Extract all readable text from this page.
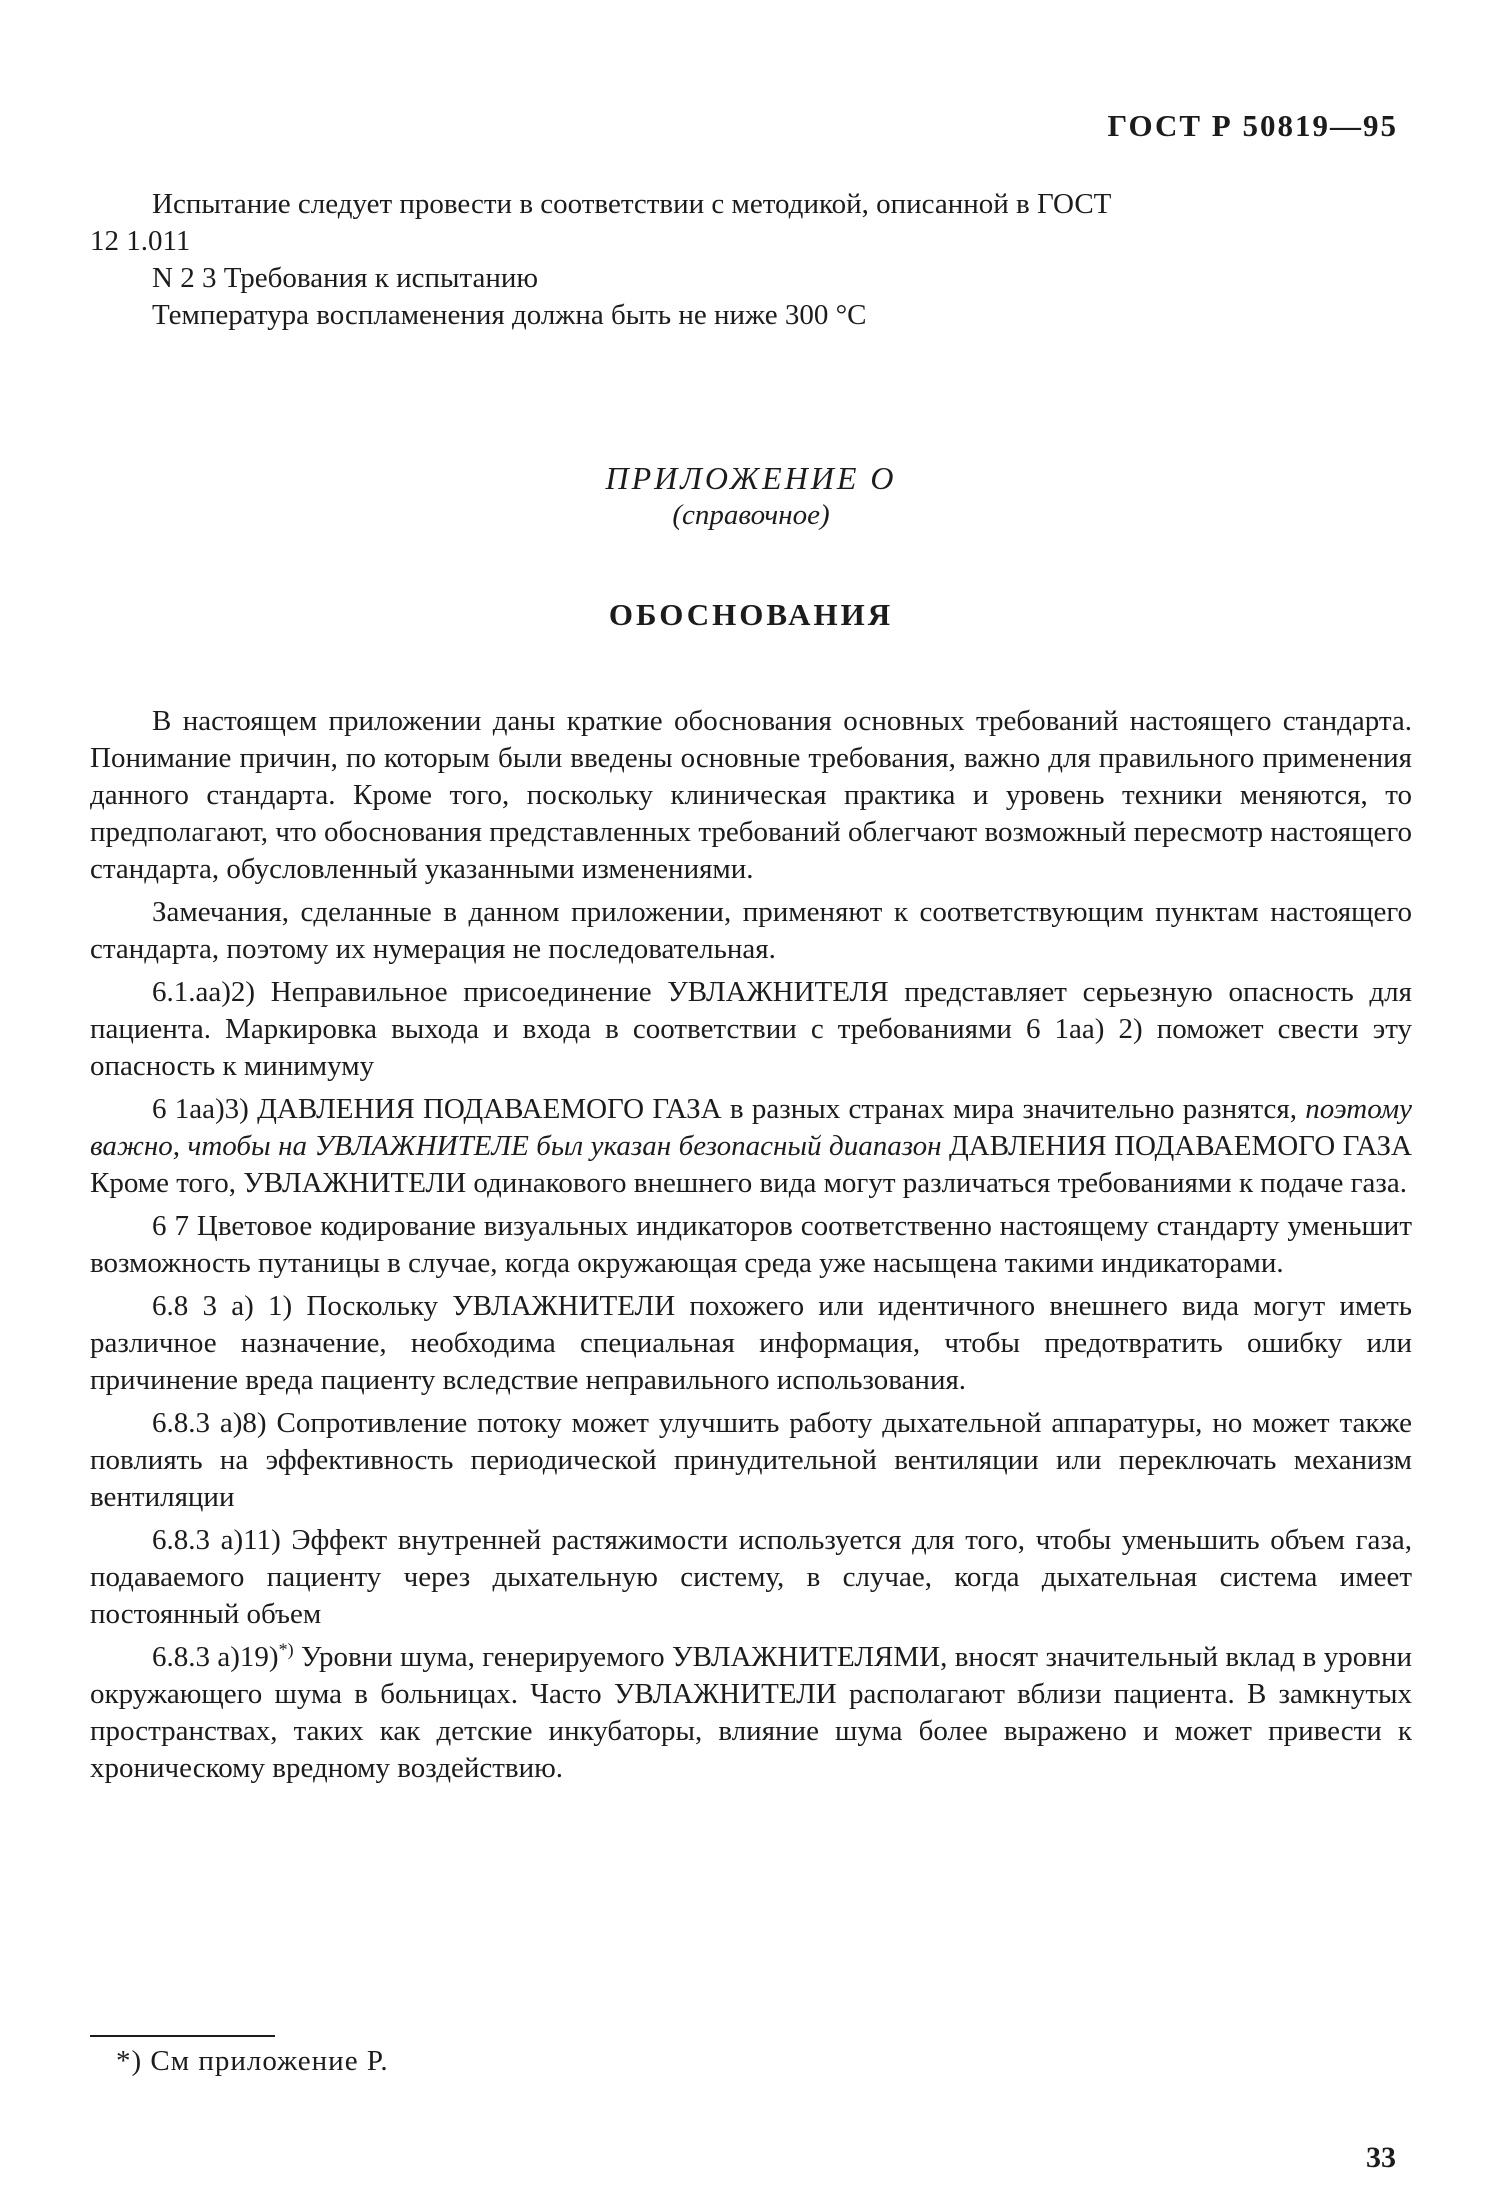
ГОСТ Р 50819—95

Испытание следует провести в соответствии с методикой, описанной в ГОСТ

12 1.011

N 2 3 Требования к испытанию

Температура воспламенения должна быть не ниже 300 °С

ПРИЛОЖЕНИЕ О

(справочное)

ОБОСНОВАНИЯ

В настоящем приложении даны краткие обоснования основных требований настоящего стандарта. Понимание причин, по которым были введены основные требования, важно для правильного применения данного стандарта. Кроме того, поскольку клиническая практика и уровень техники меняются, то предполагают, что обоснования представленных требований облегчают возможный пересмотр настоящего стандарта, обусловленный указанными изменениями.

Замечания, сделанные в данном приложении, применяют к соответствующим пунктам настоящего стандарта, поэтому их нумерация не последовательная.

6.1.аа)2) Неправильное присоединение УВЛАЖНИТЕЛЯ представляет серьезную опасность для пациента. Маркировка выхода и входа в соответствии с требованиями 6 1аа) 2) поможет свести эту опасность к минимуму

6 1аа)3) ДАВЛЕНИЯ ПОДАВАЕМОГО ГАЗА в разных странах мира значительно разнятся, поэтому важно, чтобы на УВЛАЖНИТЕЛЕ был указан безопасный диапазон ДАВЛЕНИЯ ПОДАВАЕМОГО ГАЗА Кроме того, УВЛАЖНИТЕЛИ одинакового внешнего вида могут различаться требованиями к подаче газа.

6 7 Цветовое кодирование визуальных индикаторов соответственно настоящему стандарту уменьшит возможность путаницы в случае, когда окружающая среда уже насыщена такими индикаторами.

6.8 3 а) 1) Поскольку УВЛАЖНИТЕЛИ похожего или идентичного внешнего вида могут иметь различное назначение, необходима специальная информация, чтобы предотвратить ошибку или причинение вреда пациенту вследствие неправильного использования.

6.8.3 а)8) Сопротивление потоку может улучшить работу дыхательной аппаратуры, но может также повлиять на эффективность периодической принудительной вентиляции или переключать механизм вентиляции

6.8.3 а)11) Эффект внутренней растяжимости используется для того, чтобы уменьшить объем газа, подаваемого пациенту через дыхательную систему, в случае, когда дыхательная система имеет постоянный объем

6.8.3 а)19)*) Уровни шума, генерируемого УВЛАЖНИТЕЛЯМИ, вносят значительный вклад в уровни окружающего шума в больницах. Часто УВЛАЖНИТЕЛИ располагают вблизи пациента. В замкнутых пространствах, таких как детские инкубаторы, влияние шума более выражено и может привести к хроническому вредному воздействию.

*) См приложение Р.
33
